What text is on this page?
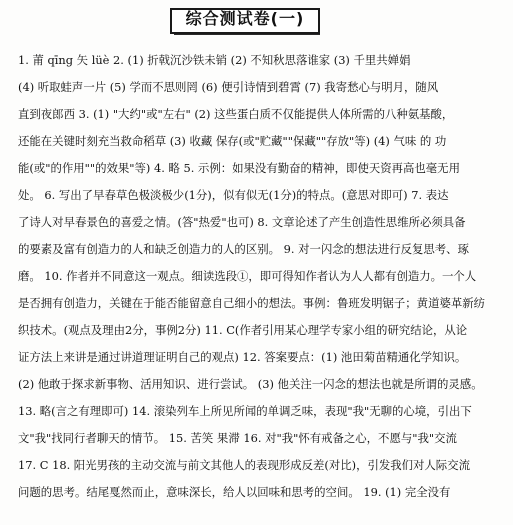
综合测试卷(一)
1. 莆 qīng 矢 lüè 2. (1) 折戟沉沙铁未销 (2) 不知秋思落谁家 (3) 千里共婵娟
(4) 听取蛙声一片 (5) 学而不思则罔 (6) 便引诗情到碧霄 (7) 我寄愁心与明月，随风
直到夜郎西 3. (1) "大约"或"左右" (2) 这些蛋白质不仅能提供人体所需的八种氨基酸，
还能在关键时刻充当救命稻草 (3) 收藏 保存(或"贮藏""保藏""存放"等) (4) 气味 的 功
能(或"的作用""的效果"等) 4. 略 5. 示例：如果没有勤奋的精神，即使天资再高也毫无用
处。 6. 写出了早春草色极淡极少(1分)，似有似无(1分)的特点。(意思对即可) 7. 表达
了诗人对早春景色的喜爱之情。(答"热爱"也可) 8. 文章论述了产生创造性思维所必须具备
的要素及富有创造力的人和缺乏创造力的人的区别。 9. 对一闪念的想法进行反复思考、琢
磨。 10. 作者并不同意这一观点。细读选段①，即可得知作者认为人人都有创造力。一个人
是否拥有创造力，关键在于能否能留意自己细小的想法。事例：鲁班发明锯子；黄道婆革新纺
织技术。(观点及理由2分，事例2分) 11. C(作者引用某心理学专家小组的研究结论，从论
证方法上来讲是通过讲道理证明自己的观点) 12. 答案要点：(1) 池田菊苗精通化学知识。
(2) 他敢于探求新事物、活用知识、进行尝试。 (3) 他关注一闪念的想法也就是所谓的灵感。
13. 略(言之有理即可) 14. 滚染列车上所见所闻的单调乏味，表现"我"无聊的心境，引出下
文"我"找同行者聊天的情节。 15. 苦笑 果滞 16. 对"我"怀有戒备之心，不愿与"我"交流
17. C 18. 阳光男孩的主动交流与前文其他人的表现形成反差(对比)，引发我们对人际交流
问题的思考。结尾戛然而止，意味深长，给人以回味和思考的空间。 19. (1) 完全没有
